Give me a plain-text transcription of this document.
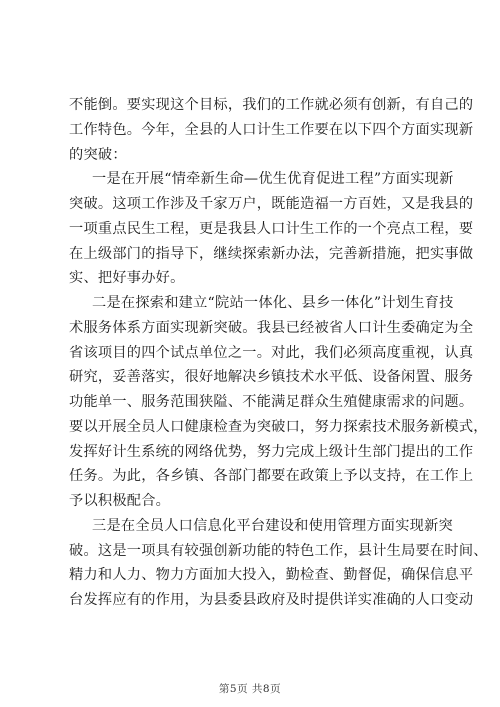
不能倒。要实现这个目标，我们的工作就必须有创新，有自己的
工作特色。今年，全县的人口计生工作要在以下四个方面实现新
的突破：
一是在开展“情牵新生命—优生优育促进工程”方面实现新
突破。这项工作涉及千家万户，既能造福一方百姓，又是我县的
一项重点民生工程，更是我县人口计生工作的一个亮点工程，要
在上级部门的指导下，继续探索新办法，完善新措施，把实事做
实、把好事办好。
二是在探索和建立“院站一体化、县乡一体化”计划生育技
术服务体系方面实现新突破。我县已经被省人口计生委确定为全
省该项目的四个试点单位之一。对此，我们必须高度重视，认真
研究，妥善落实，很好地解决乡镇技术水平低、设备闲置、服务
功能单一、服务范围狭隘、不能满足群众生殖健康需求的问题。
要以开展全员人口健康检查为突破口，努力探索技术服务新模式，
发挥好计生系统的网络优势，努力完成上级计生部门提出的工作
任务。为此，各乡镇、各部门都要在政策上予以支持，在工作上
予以积极配合。
三是在全员人口信息化平台建设和使用管理方面实现新突
破。这是一项具有较强创新功能的特色工作，县计生局要在时间、
精力和人力、物力方面加大投入，勤检查、勤督促，确保信息平
台发挥应有的作用，为县委县政府及时提供详实准确的人口变动
第5页 共8页
